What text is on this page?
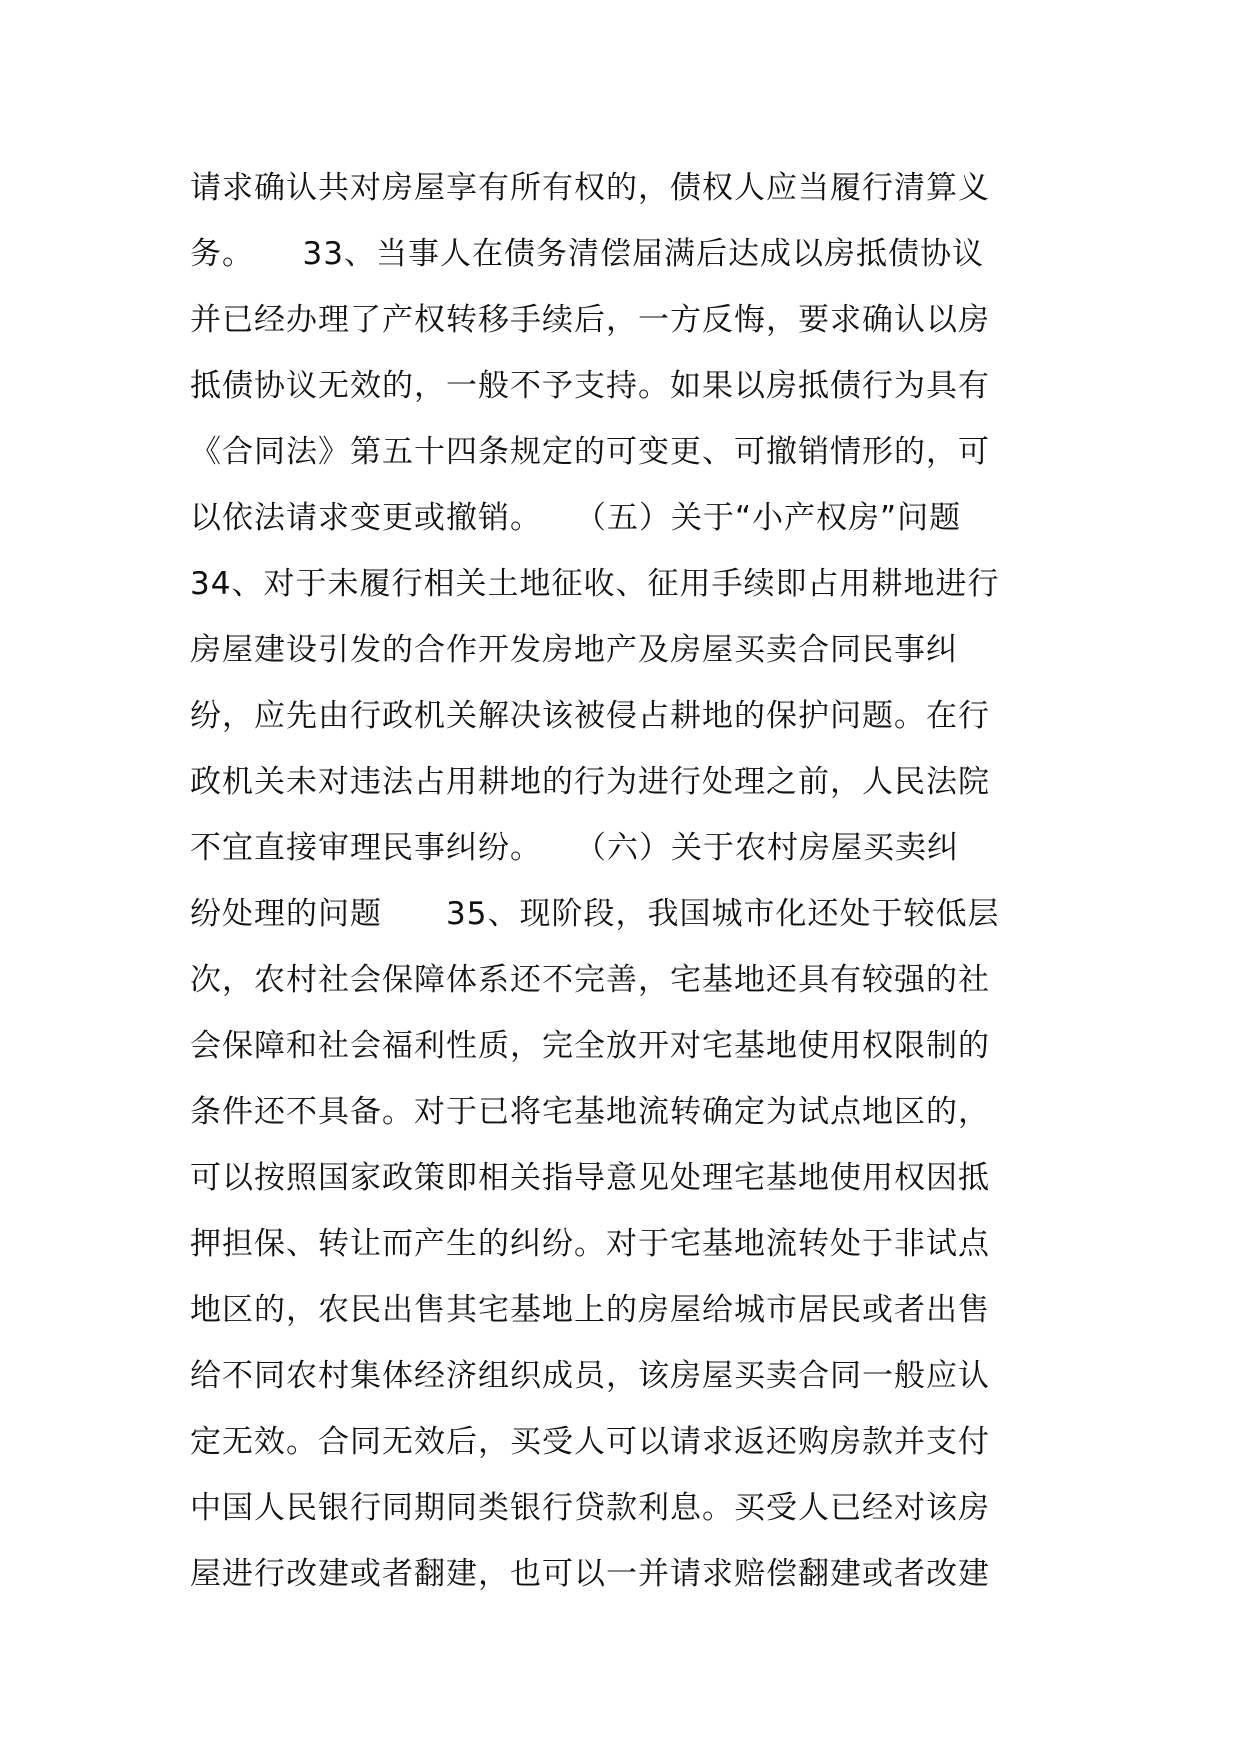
请求确认共对房屋享有所有权的，债权人应当履行清算义
务。　　33、当事人在债务清偿届满后达成以房抵债协议
并已经办理了产权转移手续后，一方反悔，要求确认以房
抵债协议无效的，一般不予支持。如果以房抵债行为具有
《合同法》第五十四条规定的可变更、可撤销情形的，可
以依法请求变更或撤销。　　（五）关于“小产权房”问题
34、对于未履行相关土地征收、征用手续即占用耕地进行
房屋建设引发的合作开发房地产及房屋买卖合同民事纠
纷，应先由行政机关解决该被侵占耕地的保护问题。在行
政机关未对违法占用耕地的行为进行处理之前，人民法院
不宜直接审理民事纠纷。　　（六）关于农村房屋买卖纠
纷处理的问题　　35、现阶段，我国城市化还处于较低层
次，农村社会保障体系还不完善，宅基地还具有较强的社
会保障和社会福利性质，完全放开对宅基地使用权限制的
条件还不具备。对于已将宅基地流转确定为试点地区的，
可以按照国家政策即相关指导意见处理宅基地使用权因抵
押担保、转让而产生的纠纷。对于宅基地流转处于非试点
地区的，农民出售其宅基地上的房屋给城市居民或者出售
给不同农村集体经济组织成员，该房屋买卖合同一般应认
定无效。合同无效后，买受人可以请求返还购房款并支付
中国人民银行同期同类银行贷款利息。买受人已经对该房
屋进行改建或者翻建，也可以一并请求赔偿翻建或者改建
